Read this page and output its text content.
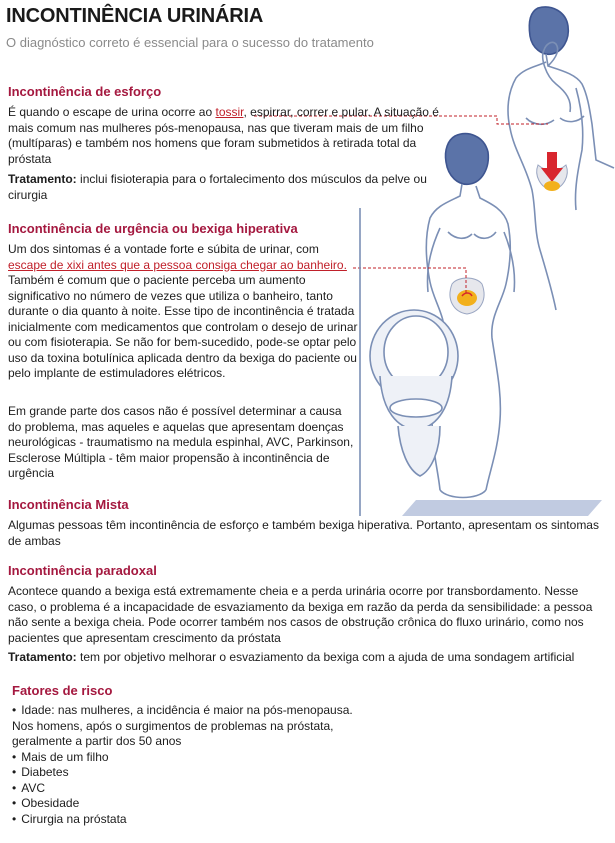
INCONTINÊNCIA URINÁRIA

O diagnóstico correto é essencial para o sucesso do tratamento

Incontinência de esforço

É quando o escape de urina ocorre ao tossir, espirrar, correr e pular. A situação é mais comum nas mulheres pós-menopausa, nas que tiveram mais de um filho (multíparas) e também nos homens que foram submetidos à retirada total da próstata

Tratamento: inclui fisioterapia para o fortalecimento dos músculos da pelve ou cirurgia

Incontinência de urgência ou bexiga hiperativa

Um dos sintomas é a vontade forte e súbita de urinar, com escape de xixi antes que a pessoa consiga chegar ao banheiro. Também é comum que o paciente perceba um aumento significativo no número de vezes que utiliza o banheiro, tanto durante o dia quanto à noite. Esse tipo de incontinência é tratada inicialmente com medicamentos que controlam o desejo de urinar ou com fisioterapia. Se não for bem-sucedido, pode-se optar pelo uso da toxina botulínica aplicada dentro da bexiga do paciente ou pelo implante de estimuladores elétricos.

Em grande parte dos casos não é possível determinar a causa do problema, mas aqueles e aquelas que apresentam doenças neurológicas - traumatismo na medula espinhal, AVC, Parkinson, Esclerose Múltipla - têm maior propensão à incontinência de urgência

Incontinência Mista

Algumas pessoas têm incontinência de esforço e também bexiga hiperativa. Portanto, apresentam os sintomas de ambas

Incontinência paradoxal

Acontece quando a bexiga está extremamente cheia e a perda urinária ocorre por transbordamento. Nesse caso, o problema é a incapacidade de esvaziamento da bexiga em razão da perda da sensibilidade: a pessoa não sente a bexiga cheia. Pode ocorrer também nos casos de obstrução crônica do fluxo urinário, como nos pacientes que apresentam crescimento da próstata

Tratamento: tem por objetivo melhorar o esvaziamento da bexiga com a ajuda de uma sondagem artificial

Fatores de risco
• Idade: nas mulheres, a incidência é maior na pós-menopausa.
Nos homens, após o surgimentos de problemas na próstata,
geralmente a partir dos 50 anos
• Mais de um filho
• Diabetes
• AVC
• Obesidade
• Cirurgia na próstata
